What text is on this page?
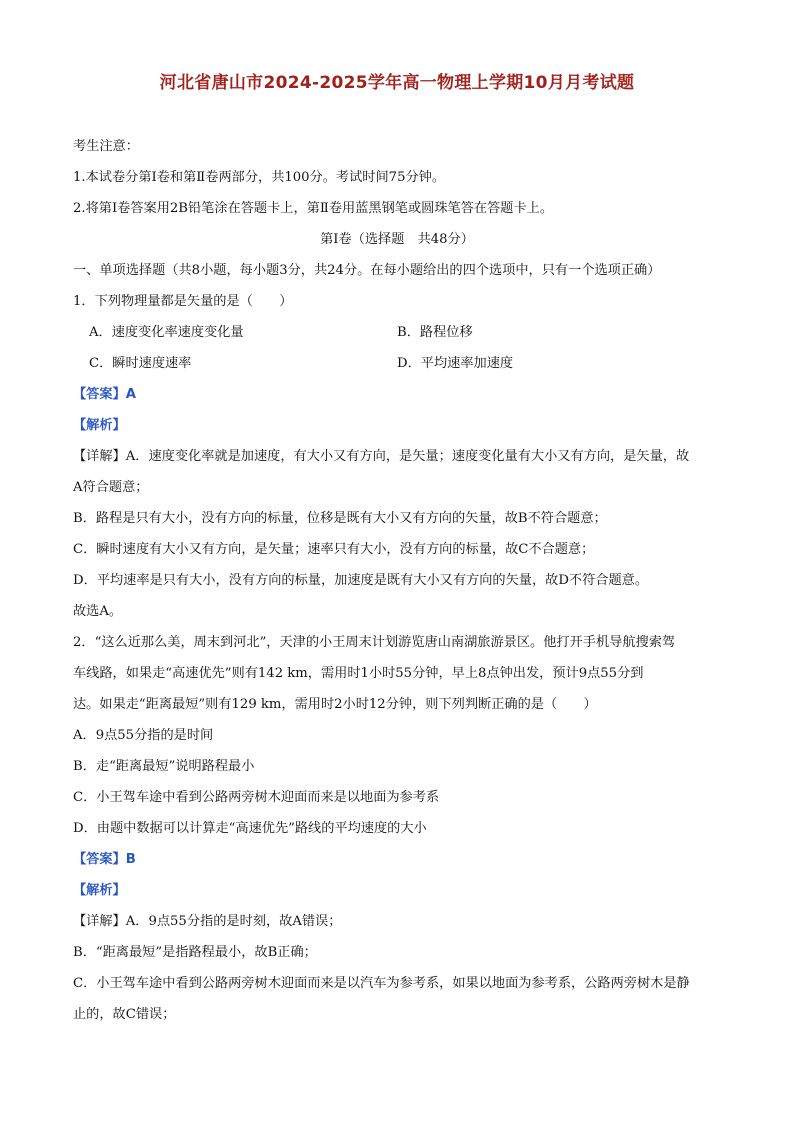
河北省唐山市2024-2025学年高一物理上学期10月月考试题
考生注意：
1.本试卷分第Ⅰ卷和第Ⅱ卷两部分，共100分。考试时间75分钟。
2.将第Ⅰ卷答案用2B铅笔涂在答题卡上，第Ⅱ卷用蓝黑钢笔或圆珠笔答在答题卡上。
第Ⅰ卷（选择题　共48分）
一、单项选择题（共8小题，每小题3分，共24分。在每小题给出的四个选项中，只有一个选项正确）
1．下列物理量都是矢量的是（　　）
A．速度变化率速度变化量	B．路程位移
C．瞬时速度速率	D．平均速率加速度
【答案】A
【解析】
【详解】A．速度变化率就是加速度，有大小又有方向，是矢量；速度变化量有大小又有方向，是矢量，故
A符合题意；
B．路程是只有大小，没有方向的标量，位移是既有大小又有方向的矢量，故B不符合题意；
C．瞬时速度有大小又有方向，是矢量；速率只有大小，没有方向的标量，故C不合题意；
D．平均速率是只有大小，没有方向的标量，加速度是既有大小又有方向的矢量，故D不符合题意。
故选A。
2．“这么近那么美，周末到河北”，天津的小王周末计划游览唐山南湖旅游景区。他打开手机导航搜索驾
车线路，如果走“高速优先”则有142 km，需用时1小时55分钟，早上8点钟出发，预计9点55分到
达。如果走“距离最短”则有129 km，需用时2小时12分钟，则下列判断正确的是（　　）
A．9点55分指的是时间
B．走“距离最短”说明路程最小
C．小王驾车途中看到公路两旁树木迎面而来是以地面为参考系
D．由题中数据可以计算走“高速优先”路线的平均速度的大小
【答案】B
【解析】
【详解】A．9点55分指的是时刻，故A错误；
B．“距离最短”是指路程最小，故B正确；
C．小王驾车途中看到公路两旁树木迎面而来是以汽车为参考系，如果以地面为参考系，公路两旁树木是静
止的，故C错误；
